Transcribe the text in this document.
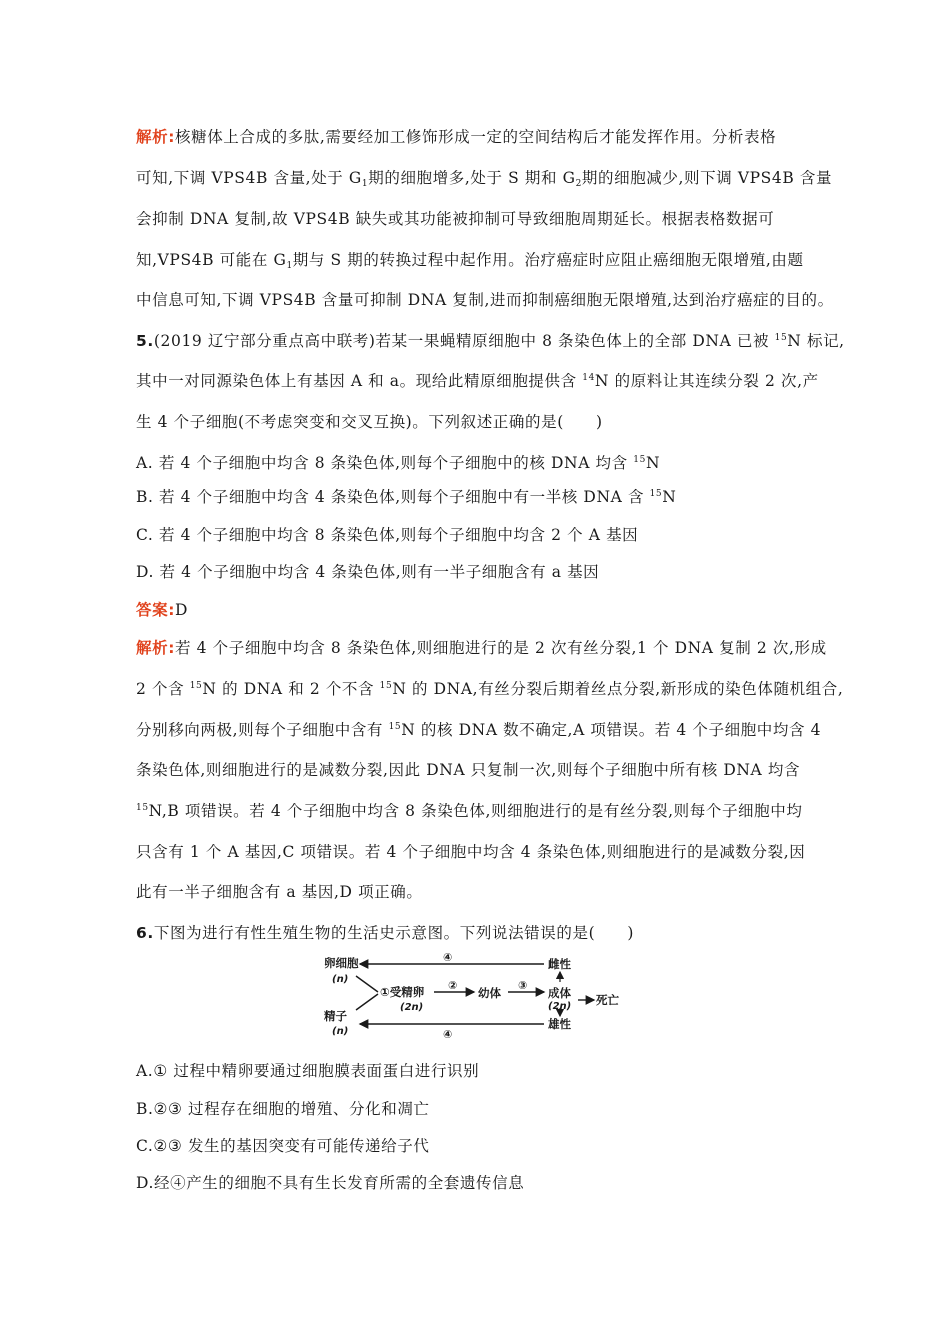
解析:核糖体上合成的多肽,需要经加工修饰形成一定的空间结构后才能发挥作用。分析表格
可知,下调 VPS4B 含量,处于 $G_1$期的细胞增多,处于 S 期和 $G_2$期的细胞减少,则下调 VPS4B 含量
会抑制 DNA 复制,故 VPS4B 缺失或其功能被抑制可导致细胞周期延长。根据表格数据可
知,VPS4B 可能在 $G_1$期与 S 期的转换过程中起作用。治疗癌症时应阻止癌细胞无限增殖,由题
中信息可知,下调 VPS4B 含量可抑制 DNA 复制,进而抑制癌细胞无限增殖,达到治疗癌症的目的。
5.(2019 辽宁部分重点高中联考)若某一果蝇精原细胞中 8 条染色体上的全部 DNA 已被 $^{15}$N 标记,
其中一对同源染色体上有基因 A 和 a。现给此精原细胞提供含 $^{14}$N 的原料让其连续分裂 2 次,产
生 4 个子细胞(不考虑突变和交叉互换)。下列叙述正确的是(　　)
A. 若 4 个子细胞中均含 8 条染色体,则每个子细胞中的核 DNA 均含 $^{15}$N
B. 若 4 个子细胞中均含 4 条染色体,则每个子细胞中有一半核 DNA 含 $^{15}$N
C. 若 4 个子细胞中均含 8 条染色体,则每个子细胞中均含 2 个 A 基因
D. 若 4 个子细胞中均含 4 条染色体,则有一半子细胞含有 a 基因
答案:D
解析:若 4 个子细胞中均含 8 条染色体,则细胞进行的是 2 次有丝分裂,1 个 DNA 复制 2 次,形成
2 个含 $^{15}$N 的 DNA 和 2 个不含 $^{15}$N 的 DNA,有丝分裂后期着丝点分裂,新形成的染色体随机组合,
分别移向两极,则每个子细胞中含有 $^{15}$N 的核 DNA 数不确定,A 项错误。若 4 个子细胞中均含 4
条染色体,则细胞进行的是减数分裂,因此 DNA 只复制一次,则每个子细胞中所有核 DNA 均含
$^{15}$N,B 项错误。若 4 个子细胞中均含 8 条染色体,则细胞进行的是有丝分裂,则每个子细胞中均
只含有 1 个 A 基因,C 项错误。若 4 个子细胞中均含 4 条染色体,则细胞进行的是减数分裂,因
此有一半子细胞含有 a 基因,D 项正确。
6.下图为进行有性生殖生物的生活史示意图。下列说法错误的是(　　)
④
④
卵细胞
(n)
精子
(n)
①受精卵
(2n)
②
幼体
③
成体
(2n) 死亡
雌性
雄性
A.① 过程中精卵要通过细胞膜表面蛋白进行识别
B.②③ 过程存在细胞的增殖、分化和凋亡
C.②③ 发生的基因突变有可能传递给子代
D.经④产生的细胞不具有生长发育所需的全套遗传信息
